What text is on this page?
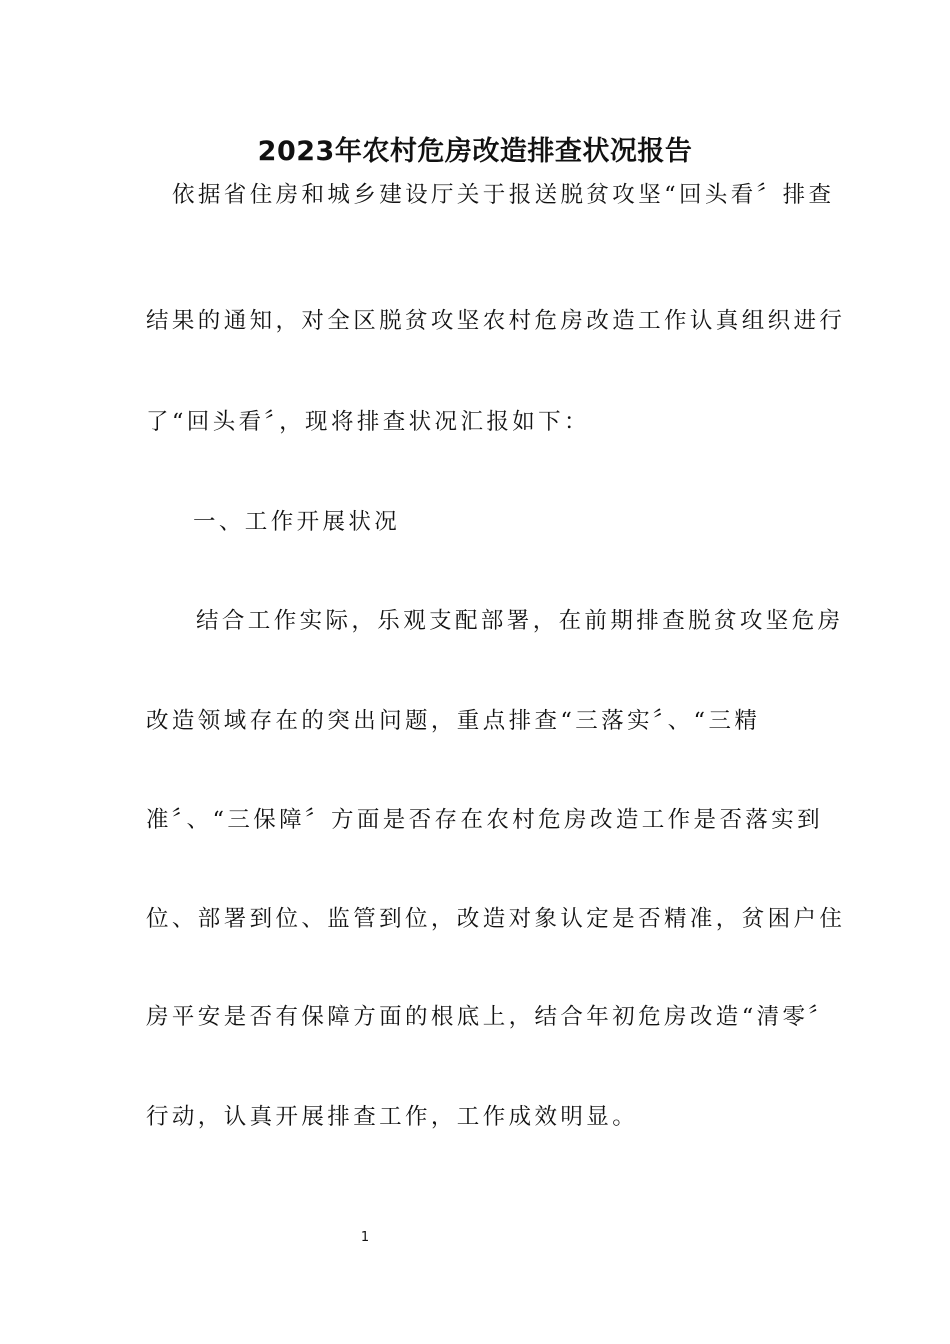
2023年农村危房改造排查状况报告
依据省住房和城乡建设厅关于报送脱贫攻坚“回头看〞排查
结果的通知，对全区脱贫攻坚农村危房改造工作认真组织进行
了“回头看〞，现将排查状况汇报如下：
一、工作开展状况
结合工作实际，乐观支配部署，在前期排查脱贫攻坚危房
改造领域存在的突出问题，重点排查“三落实〞、“三精
准〞、“三保障〞方面是否存在农村危房改造工作是否落实到
位、部署到位、监管到位，改造对象认定是否精准，贫困户住
房平安是否有保障方面的根底上，结合年初危房改造“清零〞
行动，认真开展排查工作，工作成效明显。
1
